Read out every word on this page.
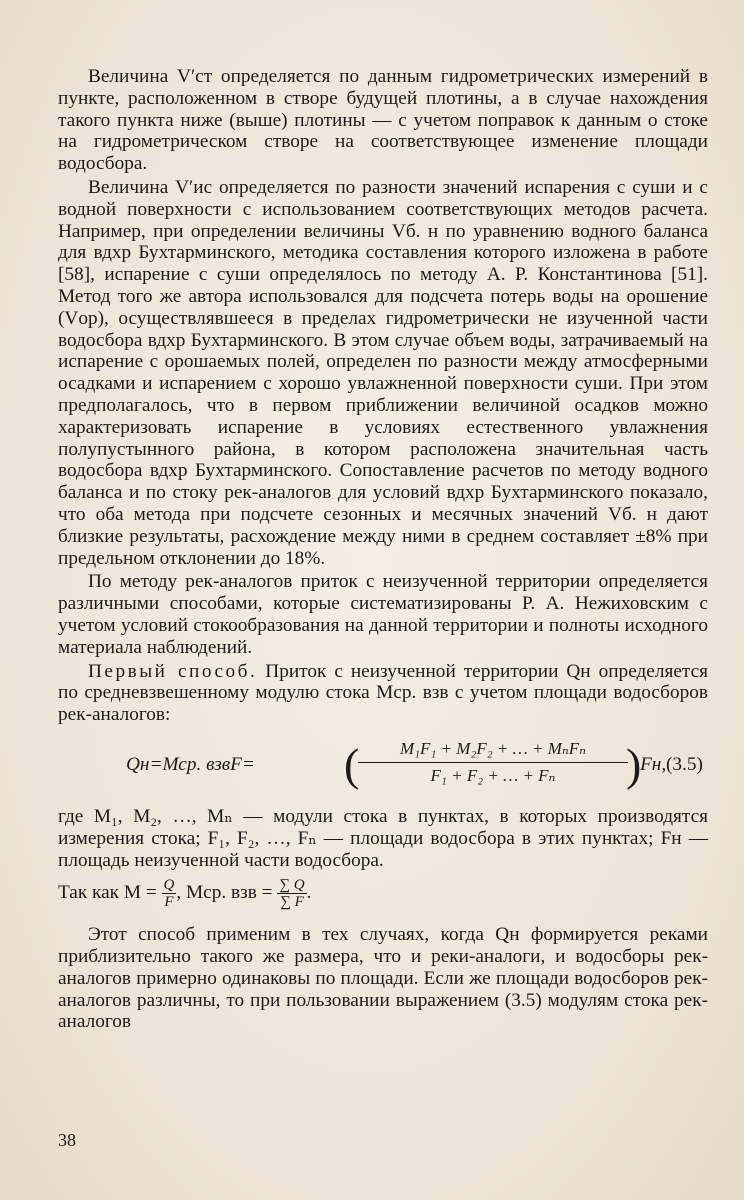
Величина V′ст определяется по данным гидрометрических измерений в пункте, расположенном в створе будущей плотины, а в случае нахождения такого пункта ниже (выше) плотины — с учетом поправок к данным о стоке на гидрометрическом створе на соответствующее изменение площади водосбора.

Величина V′ис определяется по разности значений испарения с суши и с водной поверхности с использованием соответствующих методов расчета. Например, при определении величины Vб. н по уравнению водного баланса для вдхр Бухтарминского, методика составления которого изложена в работе [58], испарение с суши определялось по методу А. Р. Константинова [51]. Метод того же автора использовался для подсчета потерь воды на орошение (Vор), осуществлявшееся в пределах гидрометрически не изученной части водосбора вдхр Бухтарминского. В этом случае объем воды, затрачиваемый на испарение с орошаемых полей, определен по разности между атмосферными осадками и испарением с хорошо увлажненной поверхности суши. При этом предполагалось, что в первом приближении величиной осадков можно характеризовать испарение в условиях естественного увлажнения полупустынного района, в котором расположена значительная часть водосбора вдхр Бухтарминского. Сопоставление расчетов по методу водного баланса и по стоку рек-аналогов для условий вдхр Бухтарминского показало, что оба метода при подсчете сезонных и месячных значений Vб. н дают близкие результаты, расхождение между ними в среднем составляет ±8% при предельном отклонении до 18%.

По методу рек-аналогов приток с неизученной территории определяется различными способами, которые систематизированы Р. А. Нежиховским с учетом условий стокообразования на данной территории и полноты исходного материала наблюдений.

Первый способ. Приток с неизученной территории Qн определяется по средневзвешенному модулю стока Мср. взв с учетом площади водосборов рек-аналогов:

Qн=Мср. взвF= (	M₁F₁ + M₂F₂ + … + MₙFₙ
F₁ + F₂ + … + Fₙ	)
Fн, (3.5)

где M₁, M₂, …, Mₙ — модули стока в пунктах, в которых производятся измерения стока; F₁, F₂, …, Fₙ — площади водосбора в этих пунктах; Fн — площадь неизученной части водосбора.

Так как $M = \frac{Q}{F}$ , Мср. взв = $\frac{\sum Q}{\sum F}$ .

Этот способ применим в тех случаях, когда Qн формируется реками приблизительно такого же размера, что и реки-аналоги, и водосборы рек-аналогов примерно одинаковы по площади. Если же площади водосборов рек-аналогов различны, то при пользовании выражением (3.5) модулям стока рек-аналогов

38
